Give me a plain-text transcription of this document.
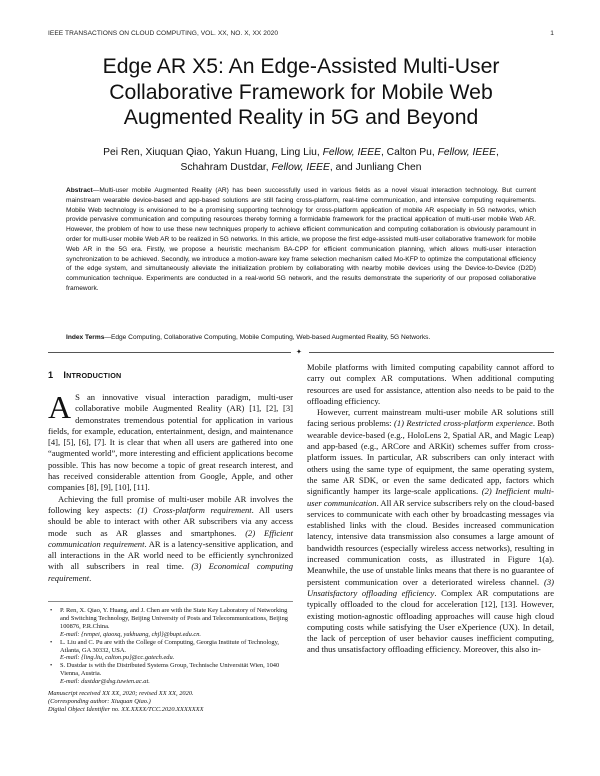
IEEE TRANSACTIONS ON CLOUD COMPUTING, VOL. XX, NO. X, XX 2020	1
Edge AR X5: An Edge-Assisted Multi-User
Collaborative Framework for Mobile Web
Augmented Reality in 5G and Beyond
Pei Ren, Xiuquan Qiao, Yakun Huang, Ling Liu, Fellow, IEEE, Calton Pu, Fellow, IEEE,
Schahram Dustdar, Fellow, IEEE, and Junliang Chen
Abstract—Multi-user mobile Augmented Reality (AR) has been successfully used in various fields as a novel visual interaction technology. But current mainstream wearable device-based and app-based solutions are still facing cross-platform, real-time communication, and intensive computing requirements. Mobile Web technology is envisioned to be a promising supporting technology for cross-platform application of mobile AR especially in 5G networks, which provide pervasive communication and computing resources thereby forming a formidable framework for the practical application of multi-user mobile Web AR. However, the problem of how to use these new techniques properly to achieve efficient communication and computing collaboration is obviously paramount in order for multi-user mobile Web AR to be realized in 5G networks. In this article, we propose the first edge-assisted multi-user collaborative framework for mobile Web AR in the 5G era. Firstly, we propose a heuristic mechanism BA-CPP for efficient communication planning, which allows multi-user interaction synchronization to be achieved. Secondly, we introduce a motion-aware key frame selection mechanism called Mo-KFP to optimize the computational efficiency of the edge system, and simultaneously alleviate the initialization problem by collaborating with nearby mobile devices using the Device-to-Device (D2D) communication technique. Experiments are conducted in a real-world 5G network, and the results demonstrate the superiority of our proposed collaborative framework.
Index Terms—Edge Computing, Collaborative Computing, Mobile Computing, Web-based Augmented Reality, 5G Networks.
✦
1 INTRODUCTION

A S an innovative visual interaction paradigm, multi-user collaborative mobile Augmented Reality (AR) [1], [2], [3] demonstrates tremendous potential for application in various fields, for example, education, entertainment, design, and maintenance [4], [5], [6], [7]. It is clear that when all users are gathered into one “augmented world”, more interesting and efficient applications become possible. This has now become a topic of great research interest, and has received considerable attention from Google, Apple, and other companies [8], [9], [10], [11].

Achieving the full promise of multi-user mobile AR involves the following key aspects: (1) Cross-platform requirement. All users should be able to interact with other AR subscribers via any access mode such as AR glasses and smartphones. (2) Efficient communication requirement. AR is a latency-sensitive application, and all interactions in the AR world need to be efficiently synchronized with all subscribers in real time. (3) Economical computing requirement.

• P. Ren, X. Qiao, Y. Huang, and J. Chen are with the State Key Laboratory of Networking and Switching Technology, Beijing University of Posts and Telecommunications, Beijing 100876, P.R.China.
E-mail: {renpei, qiaoxq, yakhuang, chjl}@bupt.edu.cn.
• L. Liu and C. Pu are with the College of Computing, Georgia Institute of Technology, Atlanta, GA 30332, USA.
E-mail: {ling.liu, calton.pu}@cc.gatech.edu.
• S. Dustdar is with the Distributed Systems Group, Technische Universität Wien, 1040 Vienna, Austria.
E-mail: dustdar@dsg.tuwien.ac.at.
Manuscript received XX XX, 2020; revised XX XX, 2020.
(Corresponding author: Xiuquan Qiao.)
Digital Object Identifier no. XX.XXXX/TCC.2020.XXXXXXX

Mobile platforms with limited computing capability cannot afford to carry out complex AR computations. When additional computing resources are used for assistance, attention also needs to be paid to the offloading efficiency.

However, current mainstream multi-user mobile AR solutions still facing serious problems: (1) Restricted cross-platform experience. Both wearable device-based (e.g., HoloLens 2, Spatial AR, and Magic Leap) and app-based (e.g., ARCore and ARKit) schemes suffer from cross-platform issues. In particular, AR subscribers can only interact with others using the same type of equipment, the same operating system, the same AR SDK, or even the same dedicated app, factors which significantly hamper its large-scale applications. (2) Inefficient multi-user communication. All AR service subscribers rely on the cloud-based services to communicate with each other by broadcasting messages via established links with the cloud. Besides increased communication latency, intensive data transmission also consumes a large amount of bandwidth resources (especially wireless access networks), resulting in increased communication costs, as illustrated in Figure 1(a). Meanwhile, the use of unstable links means that there is no guarantee of persistent communication over a deteriorated wireless channel. (3) Unsatisfactory offloading efficiency. Complex AR computations are typically offloaded to the cloud for acceleration [12], [13]. However, existing motion-agnostic offloading approaches will cause high cloud computing costs while satisfying the User eXperience (UX). In detail, the lack of perception of user behavior causes inefficient computing, and thus unsatisfactory offloading efficiency. Moreover, this also in-
